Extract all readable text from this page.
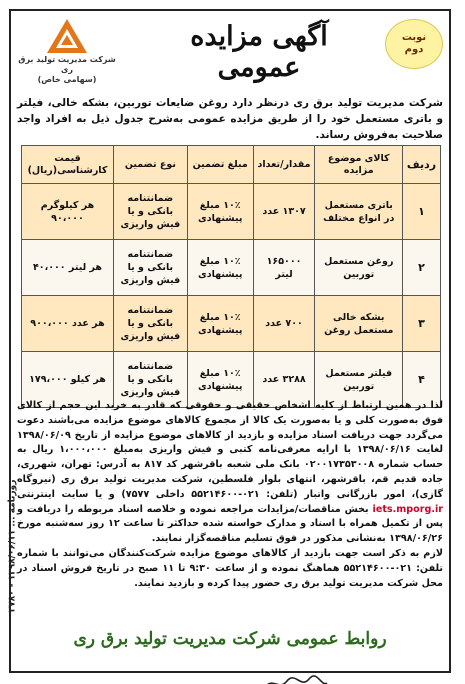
نوبت
دوم
آگهی مزایده عمومی
شرکت مدیریت تولید برق ری
(سهامی خاص)
شرکت مدیریت تولید برق ری درنظر دارد روغن ضایعات توربین، بشکه خالی، فیلتر و باتری مستعمل خود را از طریق مزایده عمومی به‌شرح جدول ذیل به افراد واجد صلاحیت به‌فروش رساند.
ردیف	کالای موضوع مزایده	مقدار/تعداد	مبلغ تضمین	نوع تضمین	قیمت کارشناسی(ریال)
۱	باتری مستعمل در انواع مختلف	۱۳۰۷ عدد	۱۰٪ مبلغ پیشنهادی	ضمانتنامه بانکی و یا فیش واریزی	هر کیلوگرم ۹۰،۰۰۰
۲	روغن مستعمل توربین	۱۶۵۰۰۰ لیتر	۱۰٪ مبلغ پیشنهادی	ضمانتنامه بانکی و یا فیش واریزی	هر لیتر ۴۰،۰۰۰
۳	بشکه خالی مستعمل روغن	۷۰۰ عدد	۱۰٪ مبلغ پیشنهادی	ضمانتنامه بانکی و یا فیش واریزی	هر عدد ۹۰۰،۰۰۰
۴	فیلتر مستعمل توربین	۳۲۸۸ عدد	۱۰٪ مبلغ پیشنهادی	ضمانتنامه بانکی و یا فیش واریزی	هر کیلو ۱۷۹،۰۰۰

لذا در همین ارتباط از کلیه اشخاص حقیقی و حقوقی که قادر به خرید این حجم از کالای فوق به‌صورت کلی و یا به‌صورت یک کالا از مجموع کالاهای موضوع مزایده می‌باشند دعوت می‌گردد جهت دریافت اسناد مزایده و بازدید از کالاهای موضوع مزایده از تاریخ ۱۳۹۸/۰۶/۰۹ لغایت ۱۳۹۸/۰۶/۱۶ با ارایه معرفی‌نامه کتبی و فیش واریزی به‌مبلغ ۱،۰۰۰،۰۰۰ ریال به حساب شماره ۰۲۰۰۱۷۳۵۳۰۰۸ بانک ملی شعبه باقرشهر کد ۸۱۷ به آدرس: تهران، شهرری، جاده قدیم قم، باقرشهر، انتهای بلوار فلسطین، شرکت مدیریت تولید برق ری (نیروگاه گازی)، امور بازرگانی واتبار (تلفن: ۰۲۱-۵۵۲۱۴۶۰۰ داخلی ۷۵۷۷) و یا سایت اینترنتی iets.mporg.ir بخش مناقصات/مزایدات مراجعه نموده و خلاصه اسناد مربوطه را دریافت و پس از تکمیل همراه با اسناد و مدارک خواسته شده حداکثر تا ساعت ۱۲ روز سه‌شنبه مورخ ۱۳۹۸/۰۶/۲۶ به‌نشانی مذکور در فوق تسلیم مناقصه‌گزار نمایند.

لازم به ذکر است جهت بازدید از کالاهای موضوع مزایده شرکت‌کنندگان می‌توانند با شماره تلفن: ۰۲۱-۵۵۲۱۴۶۰۰ هماهنگ نموده و از ساعت ۹:۳۰ تا ۱۱ صبح در تاریخ فروش اسناد در محل شرکت مدیریت تولید برق ری حضور پیدا کرده و بازدید نمایند.

روابط عمومی شرکت مدیریت تولید برق ری
روزنامه ... ۱۳۹۸/۰۶/۱۱ - ۲۷۸۰
